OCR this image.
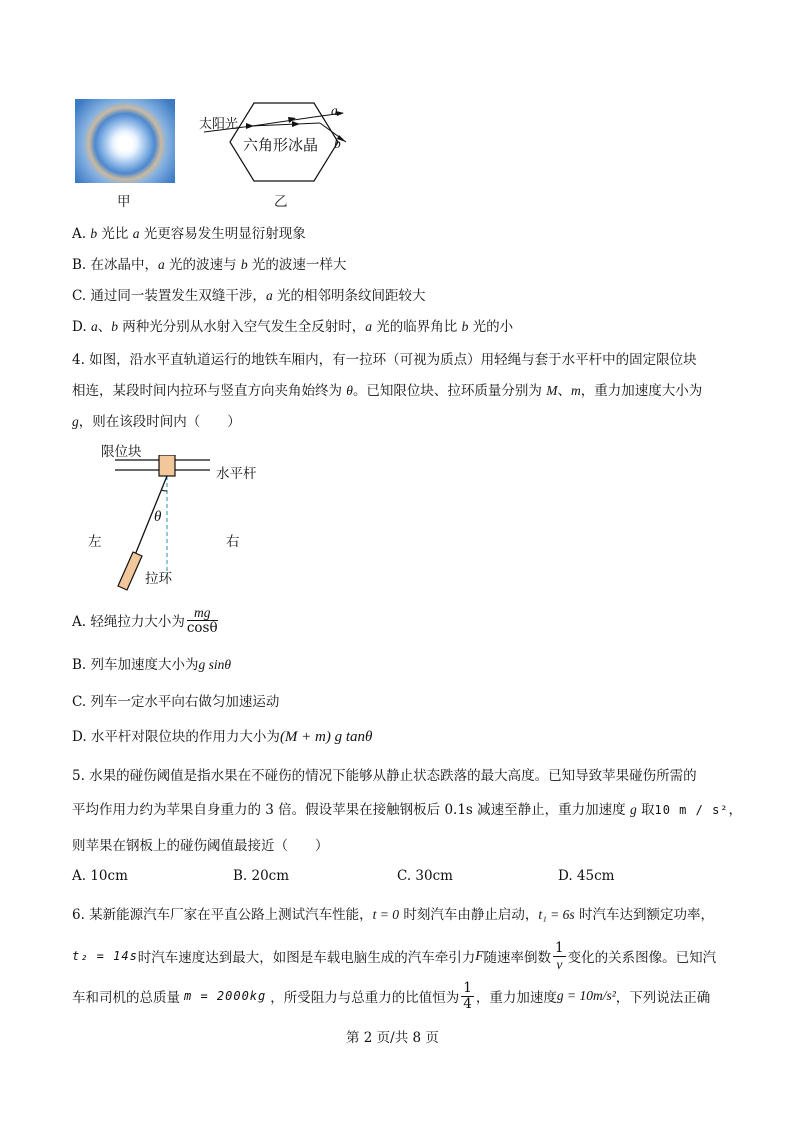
甲
太阳光
六角形冰晶
a
b
乙
A. b 光比 a 光更容易发生明显衍射现象
B. 在冰晶中，a 光的波速与 b 光的波速一样大
C. 通过同一装置发生双缝干涉，a 光的相邻明条纹间距较大
D. a、b 两种光分别从水射入空气发生全反射时，a 光的临界角比 b 光的小
4. 如图，沿水平直轨道运行的地铁车厢内，有一拉环（可视为质点）用轻绳与套于水平杆中的固定限位块
相连，某段时间内拉环与竖直方向夹角始终为 θ。已知限位块、拉环质量分别为 M、m，重力加速度大小为
g，则在该段时间内（　　）
限位块
水平杆
θ
左	右
拉环
A. 轻绳拉力大小为 $\frac{mg}{\cos\theta}$
B. 列车加速度大小为g sinθ
C. 列车一定水平向右做匀加速运动
D. 水平杆对限位块的作用力大小为(M + m) g tanθ
5. 水果的碰伤阈值是指水果在不碰伤的情况下能够从静止状态跌落的最大高度。已知导致苹果碰伤所需的
平均作用力约为苹果自身重力的 3 倍。假设苹果在接触钢板后 0.1s 减速至静止，重力加速度 g 取10 m / s²，
则苹果在钢板上的碰伤阈值最接近（　　）
A. 10cm	B. 20cm	C. 30cm	D. 45cm
6. 某新能源汽车厂家在平直公路上测试汽车性能，t = 0 时刻汽车由静止启动，t₁ = 6s 时汽车达到额定功率，
t₂ = 14s 时汽车速度达到最大，如图是车载电脑生成的汽车牵引力 F 随速率倒数 $\frac{1}{v}$ 变化的关系图像。已知汽
车和司机的总质量 m = 2000kg ，所受阻力与总重力的比值恒为 $\frac{1}{4}$ ，重力加速度 g = 10m/s² ，下列说法正确
第 2 页/共 8 页
